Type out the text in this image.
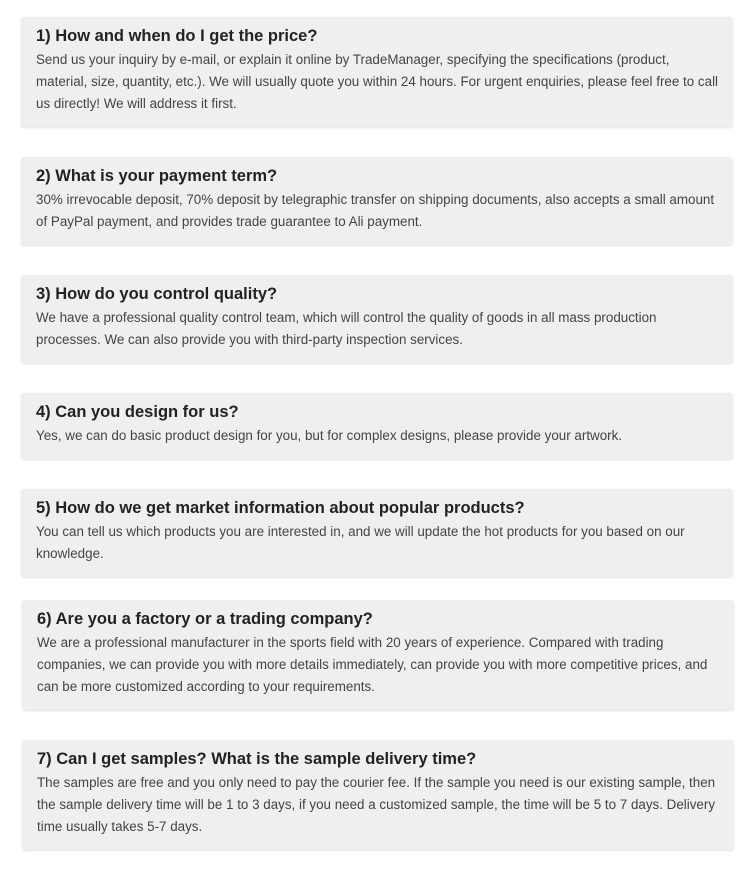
1) How and when do I get the price?

Send us your inquiry by e-mail, or explain it online by TradeManager, specifying the specifications (product, material, size, quantity, etc.). We will usually quote you within 24 hours. For urgent enquiries, please feel free to call us directly! We will address it first.

2) What is your payment term?

30% irrevocable deposit, 70% deposit by telegraphic transfer on shipping documents, also accepts a small amount of PayPal payment, and provides trade guarantee to Ali payment.

3) How do you control quality?

We have a professional quality control team, which will control the quality of goods in all mass production processes. We can also provide you with third-party inspection services.

4) Can you design for us?

Yes, we can do basic product design for you, but for complex designs, please provide your artwork.

5) How do we get market information about popular products?

You can tell us which products you are interested in, and we will update the hot products for you based on our knowledge.

6) Are you a factory or a trading company?

We are a professional manufacturer in the sports field with 20 years of experience. Compared with trading companies, we can provide you with more details immediately, can provide you with more competitive prices, and can be more customized according to your requirements.

7) Can I get samples? What is the sample delivery time?

The samples are free and you only need to pay the courier fee. If the sample you need is our existing sample, then the sample delivery time will be 1 to 3 days, if you need a customized sample, the time will be 5 to 7 days. Delivery time usually takes 5-7 days.
